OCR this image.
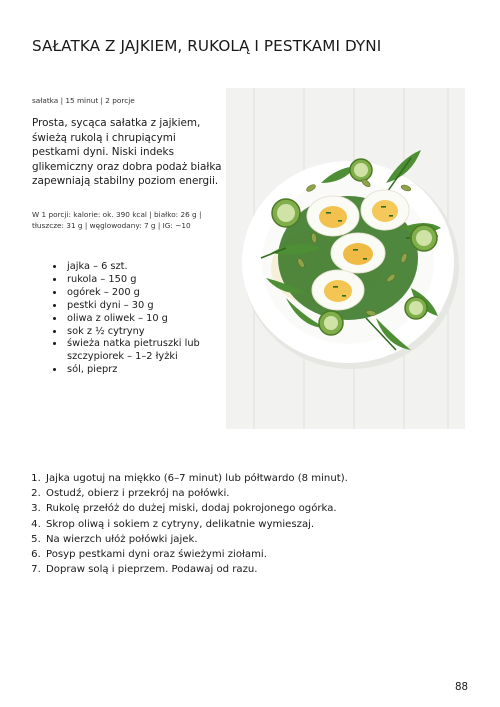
SAŁATKA Z JAJKIEM, RUKOLĄ I PESTKAMI DYNI
sałatka | 15 minut | 2 porcje

Prosta, sycąca sałatka z jajkiem, świeżą rukolą i chrupiącymi pestkami dyni. Niski indeks glikemiczny oraz dobra podaż białka zapewniają stabilny poziom energii.

W 1 porcji: kalorie: ok. 390 kcal | białko: 26 g | tłuszcze: 31 g | węglowodany: 7 g | IG: ~10

• jajka – 6 szt.
• rukola – 150 g
• ogórek – 200 g
• pestki dyni – 30 g
• oliwa z oliwek – 10 g
• sok z ½ cytryny
• świeża natka pietruszki lub szczypiorek – 1–2 łyżki
• sól, pieprz
1. Jajka ugotuj na miękko (6–7 minut) lub półtwardo (8 minut).
2. Ostudź, obierz i przekrój na połówki.
3. Rukolę przełóż do dużej miski, dodaj pokrojonego ogórka.
4. Skrop oliwą i sokiem z cytryny, delikatnie wymieszaj.
5. Na wierzch ułóż połówki jajek.
6. Posyp pestkami dyni oraz świeżymi ziołami.
7. Dopraw solą i pieprzem. Podawaj od razu.
88
